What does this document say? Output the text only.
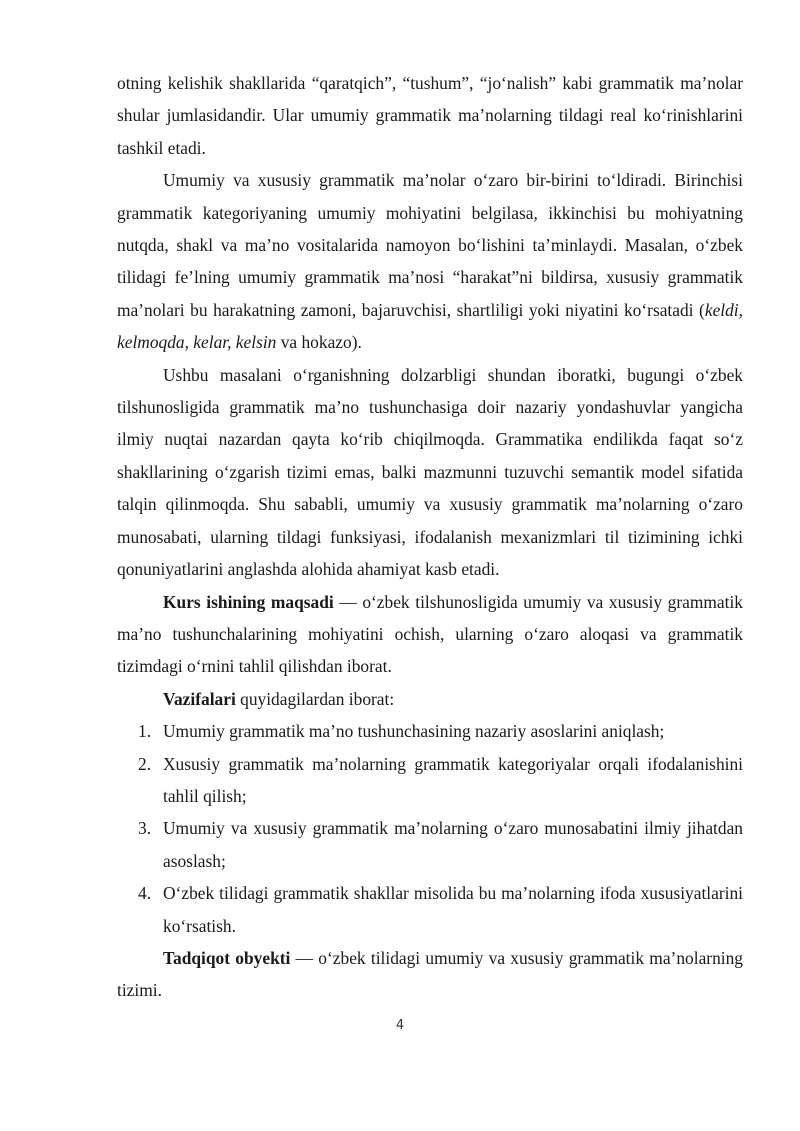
otning kelishik shakllarida “qaratqich”, “tushum”, “jo‘nalish” kabi grammatik ma’nolar shular jumlasidandir. Ular umumiy grammatik ma’nolarning tildagi real ko‘rinishlarini tashkil etadi.

Umumiy va xususiy grammatik ma’nolar o‘zaro bir-birini to‘ldiradi. Birinchisi grammatik kategoriyaning umumiy mohiyatini belgilasa, ikkinchisi bu mohiyatning nutqda, shakl va ma’no vositalarida namoyon bo‘lishini ta’minlaydi. Masalan, o‘zbek tilidagi fe’lning umumiy grammatik ma’nosi “harakat”ni bildirsa, xususiy grammatik ma’nolari bu harakatning zamoni, bajaruvchisi, shartliligi yoki niyatini ko‘rsatadi (keldi, kelmoqda, kelar, kelsin va hokazo).

Ushbu masalani o‘rganishning dolzarbligi shundan iboratki, bugungi o‘zbek tilshunosligida grammatik ma’no tushunchasiga doir nazariy yondashuvlar yangicha ilmiy nuqtai nazardan qayta ko‘rib chiqilmoqda. Grammatika endilikda faqat so‘z shakllarining o‘zgarish tizimi emas, balki mazmunni tuzuvchi semantik model sifatida talqin qilinmoqda. Shu sababli, umumiy va xususiy grammatik ma’nolarning o‘zaro munosabati, ularning tildagi funksiyasi, ifodalanish mexanizmlari til tizimining ichki qonuniyatlarini anglashda alohida ahamiyat kasb etadi.

Kurs ishining maqsadi — o‘zbek tilshunosligida umumiy va xususiy grammatik ma’no tushunchalarining mohiyatini ochish, ularning o‘zaro aloqasi va grammatik tizimdagi o‘rnini tahlil qilishdan iborat.

Vazifalari quyidagilardan iborat:

1. Umumiy grammatik ma’no tushunchasining nazariy asoslarini aniqlash;
2. Xususiy grammatik ma’nolarning grammatik kategoriyalar orqali ifodalanishini tahlil qilish;
3. Umumiy va xususiy grammatik ma’nolarning o‘zaro munosabatini ilmiy jihatdan asoslash;
4. O‘zbek tilidagi grammatik shakllar misolida bu ma’nolarning ifoda xususiyatlarini ko‘rsatish.

Tadqiqot obyekti — o‘zbek tilidagi umumiy va xususiy grammatik ma’nolarning tizimi.

4
